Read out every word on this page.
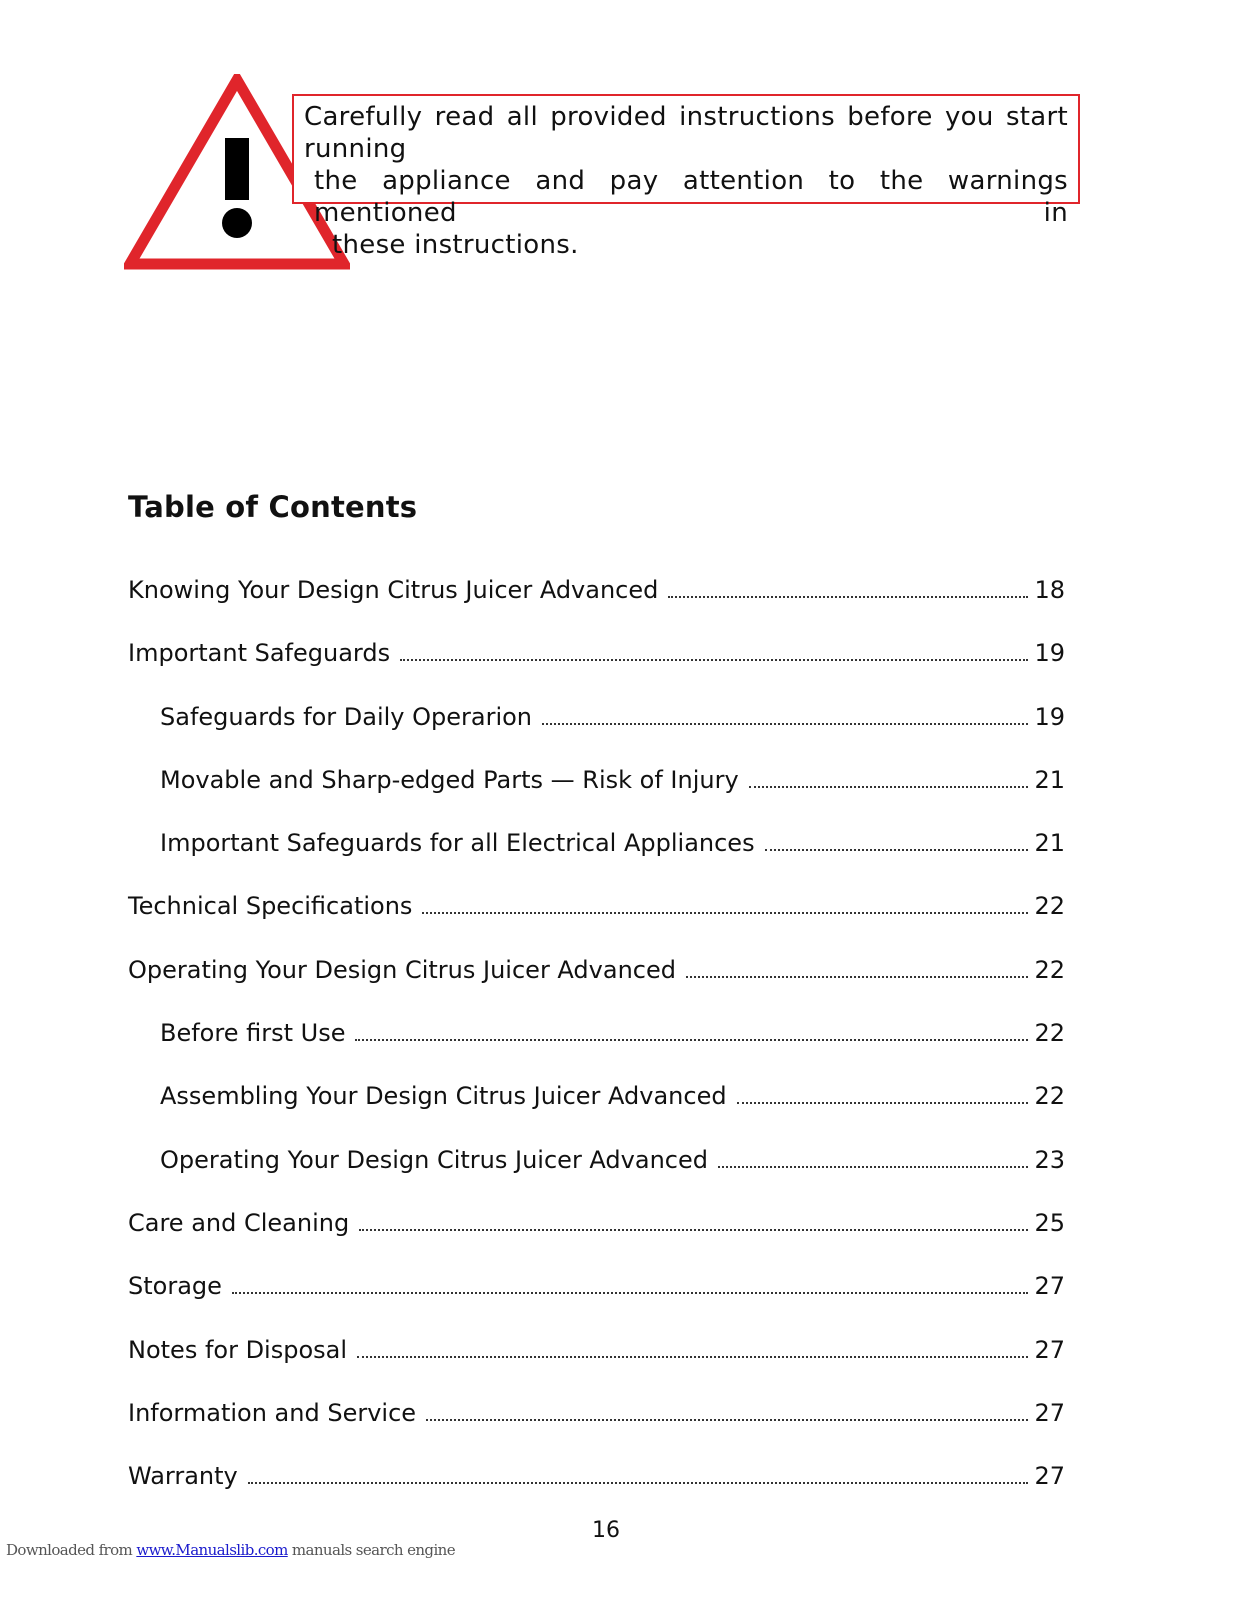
Carefully read all provided instructions before you start running
the appliance and pay attention to the warnings mentioned in
these instructions.
Table of Contents
Knowing Your Design Citrus Juicer Advanced	18
Important Safeguards	19
Safeguards for Daily Operarion	19
Movable and Sharp-edged Parts — Risk of Injury	21
Important Safeguards for all Electrical Appliances	21
Technical Specifications	22
Operating Your Design Citrus Juicer Advanced	22
Before first Use	22
Assembling Your Design Citrus Juicer Advanced	22
Operating Your Design Citrus Juicer Advanced	23
Care and Cleaning	25
Storage	27
Notes for Disposal	27
Information and Service	27
Warranty	27
16
Downloaded from www.Manualslib.com manuals search engine
